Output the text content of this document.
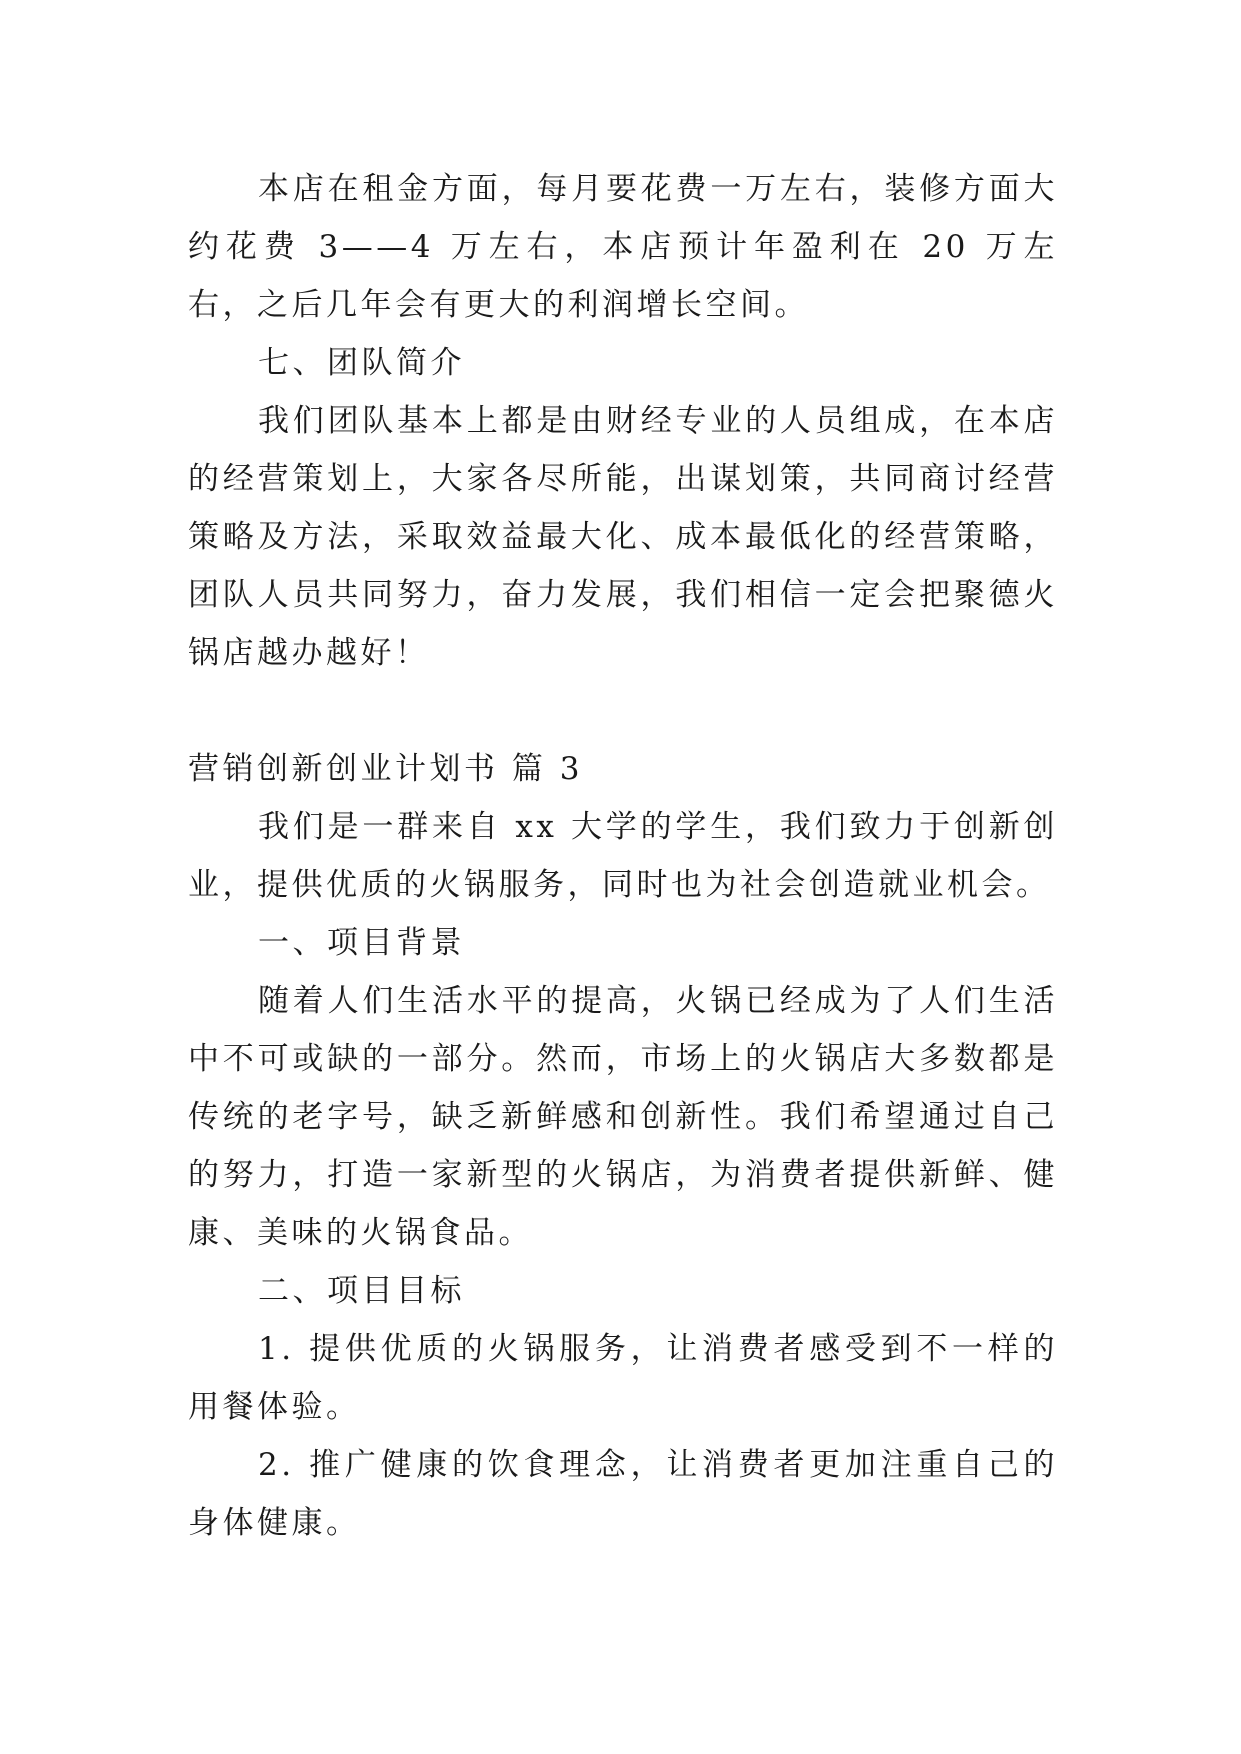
本店在租金方面，每月要花费一万左右，装修方面大约花费 3——4 万左右，本店预计年盈利在 20 万左右，之后几年会有更大的利润增长空间。

七、团队简介

我们团队基本上都是由财经专业的人员组成，在本店的经营策划上，大家各尽所能，出谋划策，共同商讨经营策略及方法，采取效益最大化、成本最低化的经营策略，团队人员共同努力，奋力发展，我们相信一定会把聚德火锅店越办越好！

营销创新创业计划书 篇 3

我们是一群来自 xx 大学的学生，我们致力于创新创业，提供优质的火锅服务，同时也为社会创造就业机会。

一、项目背景

随着人们生活水平的提高，火锅已经成为了人们生活中不可或缺的一部分。然而，市场上的火锅店大多数都是传统的老字号，缺乏新鲜感和创新性。我们希望通过自己的努力，打造一家新型的火锅店，为消费者提供新鲜、健康、美味的火锅食品。

二、项目目标

1. 提供优质的火锅服务，让消费者感受到不一样的用餐体验。

2. 推广健康的饮食理念，让消费者更加注重自己的身体健康。
